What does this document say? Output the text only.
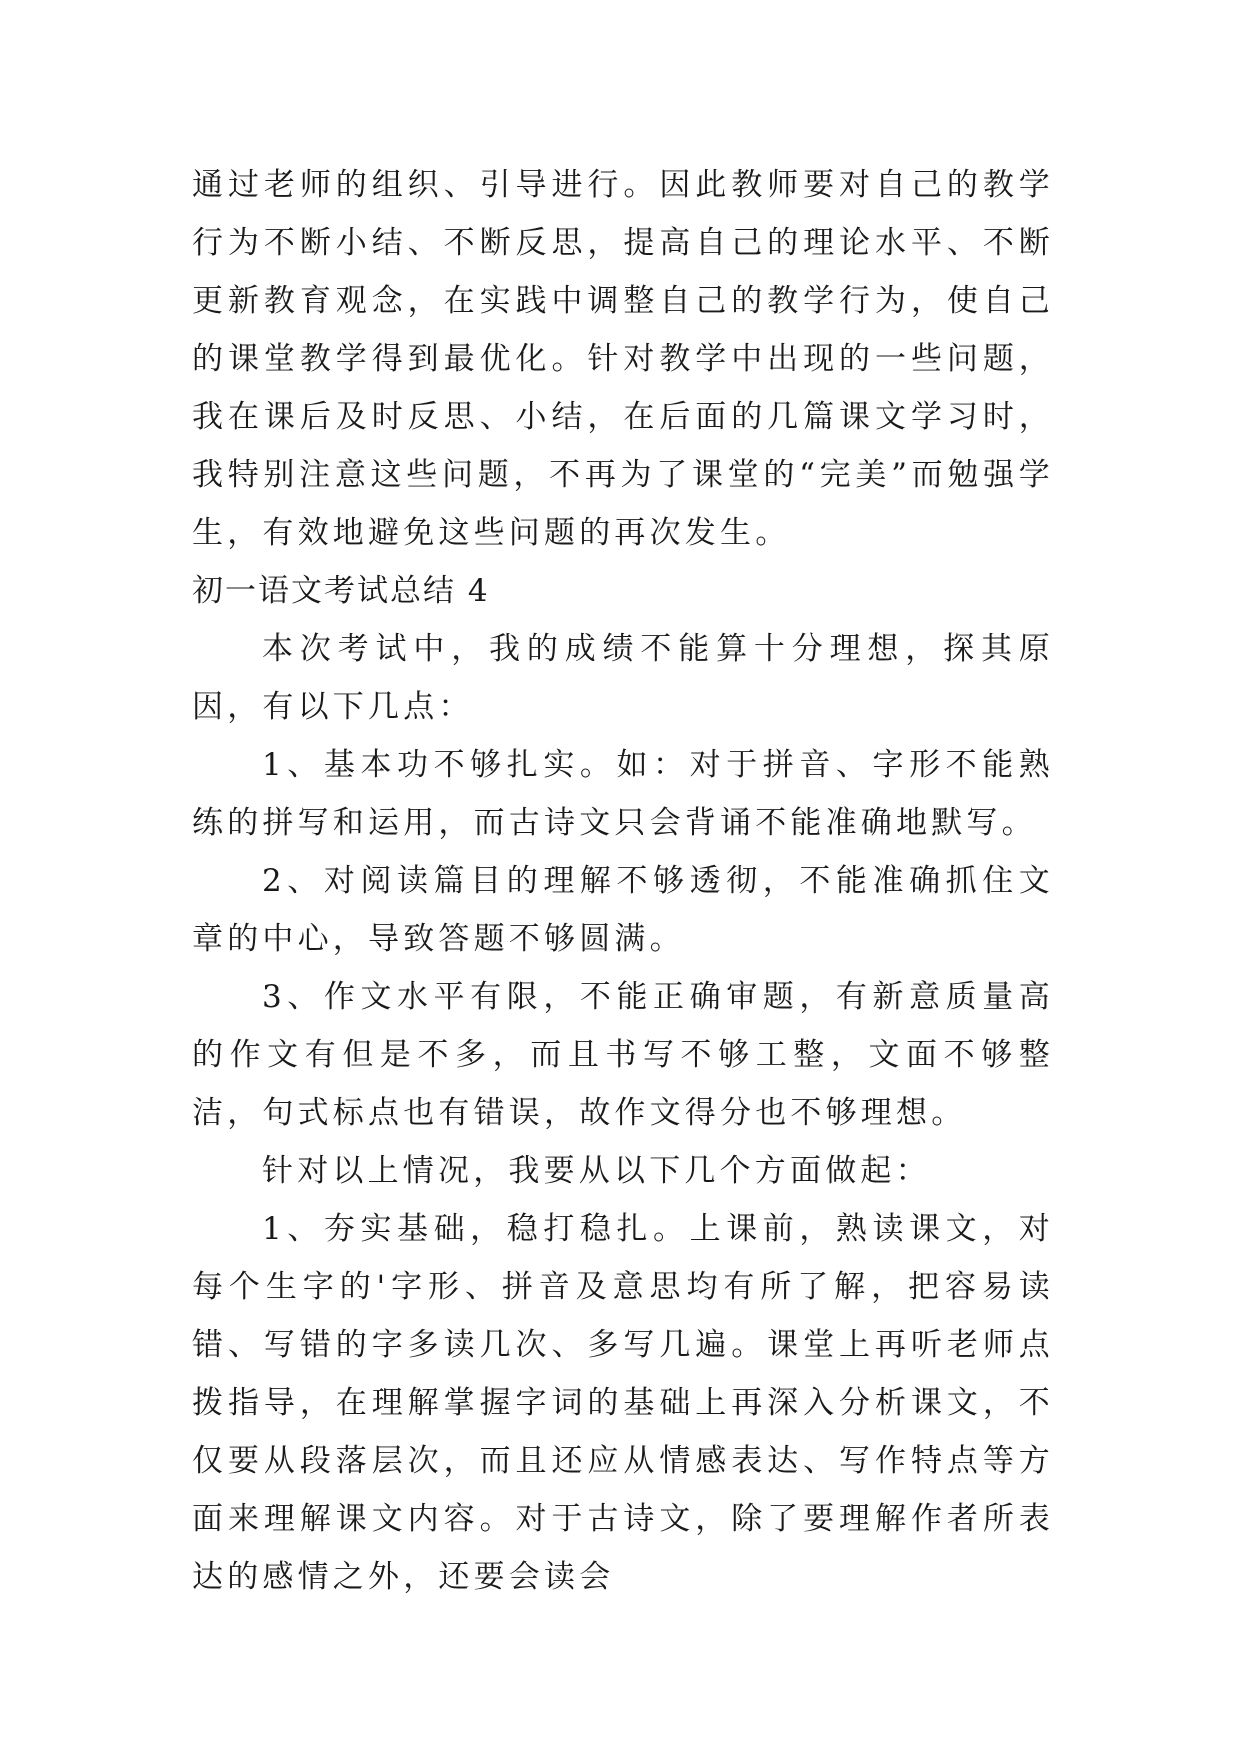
通过老师的组织、引导进行。因此教师要对自己的教学行为不断小结、不断反思，提高自己的理论水平、不断更新教育观念，在实践中调整自己的教学行为，使自己的课堂教学得到最优化。针对教学中出现的一些问题，我在课后及时反思、小结，在后面的几篇课文学习时，我特别注意这些问题，不再为了课堂的“完美”而勉强学生，有效地避免这些问题的再次发生。

初一语文考试总结 4

本次考试中，我的成绩不能算十分理想，探其原因，有以下几点：

1、基本功不够扎实。如：对于拼音、字形不能熟练的拼写和运用，而古诗文只会背诵不能准确地默写。

2、对阅读篇目的理解不够透彻，不能准确抓住文章的中心，导致答题不够圆满。

3、作文水平有限，不能正确审题，有新意质量高的作文有但是不多，而且书写不够工整，文面不够整洁，句式标点也有错误，故作文得分也不够理想。

针对以上情况，我要从以下几个方面做起：

1、夯实基础，稳打稳扎。上课前，熟读课文，对每个生字的'字形、拼音及意思均有所了解，把容易读错、写错的字多读几次、多写几遍。课堂上再听老师点拨指导，在理解掌握字词的基础上再深入分析课文，不仅要从段落层次，而且还应从情感表达、写作特点等方面来理解课文内容。对于古诗文，除了要理解作者所表达的感情之外，还要会读会
